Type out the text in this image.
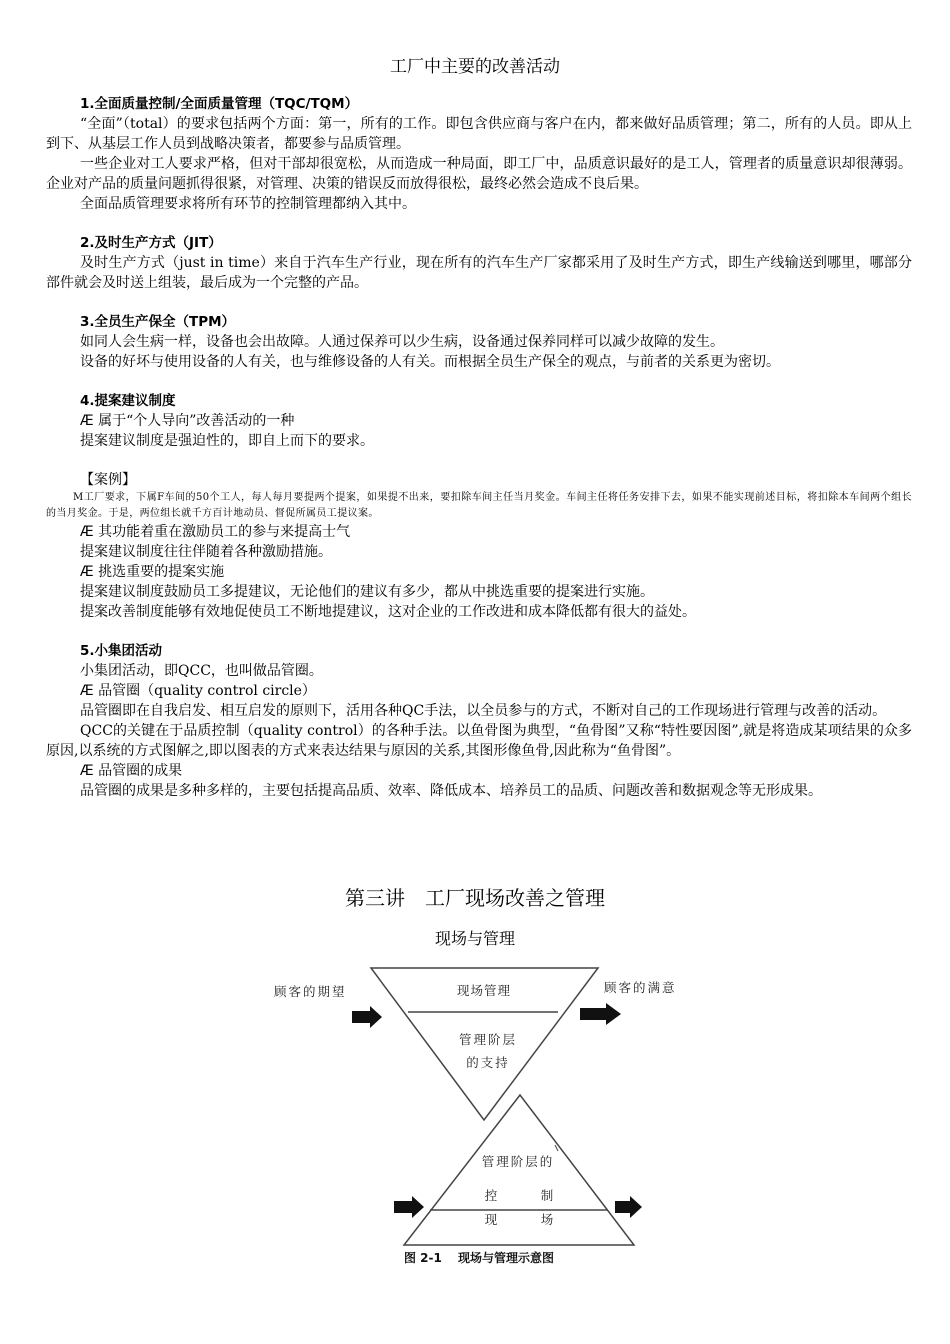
工厂中主要的改善活动

1.全面质量控制/全面质量管理（TQC/TQM）

“全面”（total）的要求包括两个方面：第一，所有的工作。即包含供应商与客户在内，都来做好品质管理；第二，所有的人员。即从上到下、从基层工作人员到战略决策者，都要参与品质管理。

一些企业对工人要求严格，但对干部却很宽松，从而造成一种局面，即工厂中，品质意识最好的是工人，管理者的质量意识却很薄弱。企业对产品的质量问题抓得很紧，对管理、决策的错误反而放得很松，最终必然会造成不良后果。

全面品质管理要求将所有环节的控制管理都纳入其中。

2.及时生产方式（JIT）

及时生产方式（just in time）来自于汽车生产行业，现在所有的汽车生产厂家都采用了及时生产方式，即生产线输送到哪里，哪部分部件就会及时送上组装，最后成为一个完整的产品。

3.全员生产保全（TPM）

如同人会生病一样，设备也会出故障。人通过保养可以少生病，设备通过保养同样可以减少故障的发生。

设备的好坏与使用设备的人有关，也与维修设备的人有关。而根据全员生产保全的观点，与前者的关系更为密切。

4.提案建议制度

Æ 属于“个人导向”改善活动的一种

提案建议制度是强迫性的，即自上而下的要求。

【案例】

M工厂要求，下属F车间的50个工人，每人每月要提两个提案，如果提不出来，要扣除车间主任当月奖金。车间主任将任务安排下去，如果不能实现前述目标，将扣除本车间两个组长的当月奖金。于是，两位组长就千方百计地动员、督促所属员工提议案。

Æ 其功能着重在激励员工的参与来提高士气

提案建议制度往往伴随着各种激励措施。

Æ 挑选重要的提案实施

提案建议制度鼓励员工多提建议，无论他们的建议有多少，都从中挑选重要的提案进行实施。

提案改善制度能够有效地促使员工不断地提建议，这对企业的工作改进和成本降低都有很大的益处。

5.小集团活动

小集团活动，即QCC，也叫做品管圈。

Æ 品管圈（quality control circle）

品管圈即在自我启发、相互启发的原则下，活用各种QC手法，以全员参与的方式，不断对自己的工作现场进行管理与改善的活动。

QCC的关键在于品质控制（quality control）的各种手法。以鱼骨图为典型，“鱼骨图”又称“特性要因图”,就是将造成某项结果的众多原因,以系统的方式图解之,即以图表的方式来表达结果与原因的关系,其图形像鱼骨,因此称为“鱼骨图”。

Æ 品管圈的成果

品管圈的成果是多种多样的，主要包括提高品质、效率、降低成本、培养员工的品质、问题改善和数据观念等无形成果。

第三讲　工厂现场改善之管理
现场与管理
顾客的期望	顾客的满意
现场管理
管理阶层
的支持
管理阶层的
控	制
现	场
图 2-1　 现场与管理示意图
